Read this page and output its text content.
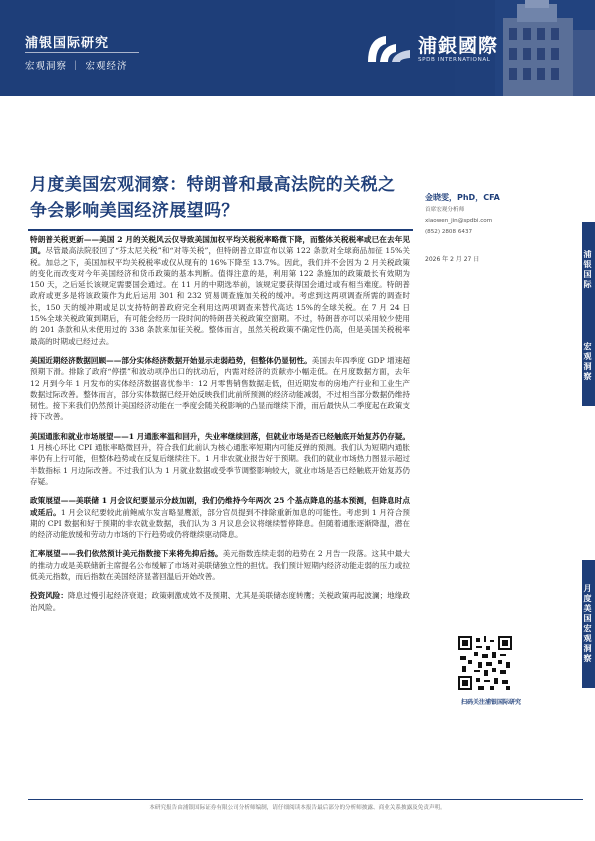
浦银国际研究
宏观洞察 ｜ 宏观经济
浦銀國際
SPDB INTERNATIONAL
月度美国宏观洞察：特朗普和最高法院的关税之争会影响美国经济展望吗？

特朗普关税更新——美国 2 月的关税风云仅导致美国加权平均关税税率略微下降，而整体关税税率或已在去年见顶。尽管最高法院驳回了“芬太尼关税”和“对等关税”，但特朗普立即宣布以第 122 条款对全球商品加征 15%关税。加总之下，美国加权平均关税税率或仅从现有的 16%下降至 13.7%。因此，我们并不会因为 2 月关税政策的变化而改变对今年美国经济和货币政策的基本判断。值得注意的是，利用第 122 条施加的政策最长有效期为 150 天，之后延长该规定需要国会通过。在 11 月的中期选举前，该规定要获得国会通过或有相当难度。特朗普政府或更多是将该政策作为此后运用 301 和 232 贸易调查施加关税的缓冲。考虑到这两项调查所需的调查时长，150 天的缓冲期或足以支持特朗普政府完全利用这两项调查来替代高达 15%的全球关税。在 7 月 24 日 15%全球关税政策到期后，有可能会经历一段时间的特朗普关税政策空窗期。不过，特朗普亦可以采用较少使用的 201 条款和从未使用过的 338 条款来加征关税。整体而言，虽然关税政策不确定性仍高，但是美国关税税率最高的时期或已经过去。

美国近期经济数据回顾——部分实体经济数据开始显示走弱趋势，但整体仍显韧性。美国去年四季度 GDP 增速超预期下滑。排除了政府“停摆”和波动项净出口的扰动后，内需对经济的贡献亦小幅走低。在月度数据方面，去年 12 月到今年 1 月发布的实体经济数据喜忧参半：12 月零售销售数据走低，但近期发布的房地产行业和工业生产数据过际改善。整体而言，部分实体数据已经开始反映我们此前所预测的经济动能减弱，不过相当部分数据仍维持韧性。接下来我们仍然预计美国经济动能在一季度会随关税影响的凸显而继续下滑，而后最快从二季度起在政策支持下改善。

美国通胀和就业市场展望——1 月通胀率温和回升，失业率继续回落，但就业市场是否已经触底开始复苏仍存疑。1 月核心环比 CPI 通胀率略微回升，符合我们此前认为核心通胀率短期内可能反弹的预测。我们认为短期内通胀率仍有上行可能，但整体趋势或在反复后继续往下。1 月非农就业报告好于预期。我们的就业市场热力图显示超过半数指标 1 月边际改善。不过我们认为 1 月就业数据或受季节调整影响较大，就业市场是否已经触底开始复苏仍存疑。

政策展望——美联储 1 月会议纪要显示分歧加剧，我们仍维持今年两次 25 个基点降息的基本预测，但降息时点或延后。1 月会议纪要较此前鲍威尔发言略显鹰派，部分官员提到不排除重新加息的可能性。考虑到 1 月符合预期的 CPI 数据和好于预期的非农就业数据，我们认为 3 月议息会议将继续暂停降息。但随着通胀逐渐降温，潜在的经济动能放缓和劳动力市场的下行趋势或仍将继续驱动降息。

汇率展望——我们依然预计美元指数接下来将先抑后扬。美元指数连续走弱的趋势在 2 月告一段落。这其中最大的推动力或是美联储新主席提名公布缓解了市场对美联储独立性的担忧。我们预计短期内经济动能走弱的压力或拉低美元指数，而后指数在美国经济显著回温后开始改善。

投资风险：降息过慢引起经济衰退；政策刺激成效不及预期、尤其是美联储态度转鹰；关税政策再起波澜；地缘政治风险。

金晓雯，PhD，CFA
首席宏观分析师
xiaowen_jin@spdbi.com
(852) 2808 6437
2026 年 2 月 27 日	浦银国际
宏观洞察
月度美国宏观洞察
扫码关注浦银国际研究
本研究报告由浦银国际证券有限公司分析师编制，请仔细阅读本报告最后部分的分析师披露、商业关系披露及免责声明。
